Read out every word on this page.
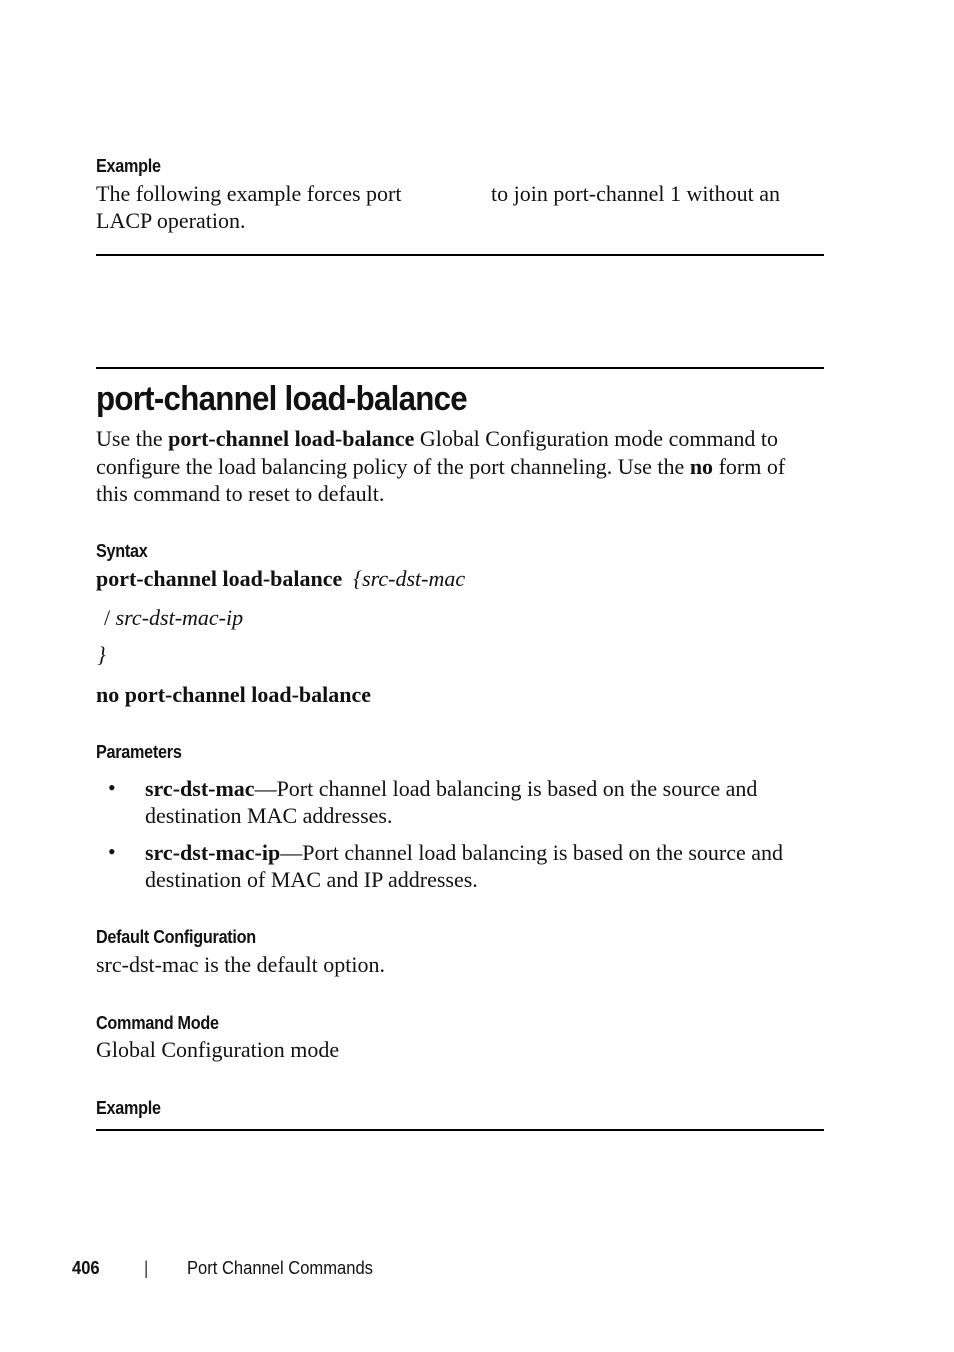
Example
The following example forces port	to join port-channel 1 without an
LACP operation.
port-channel load-balance
Use the port-channel load-balance Global Configuration mode command to
configure the load balancing policy of the port channeling. Use the no form of
this command to reset to default.
Syntax
port-channel load-balance {src-dst-mac
/ src-dst-mac-ip
}
no port-channel load-balance
Parameters
• src-dst-mac—Port channel load balancing is based on the source and
destination MAC addresses.
• src-dst-mac-ip—Port channel load balancing is based on the source and
destination of MAC and IP addresses.
Default Configuration
src-dst-mac is the default option.
Command Mode
Global Configuration mode
Example
406 | Port Channel Commands
